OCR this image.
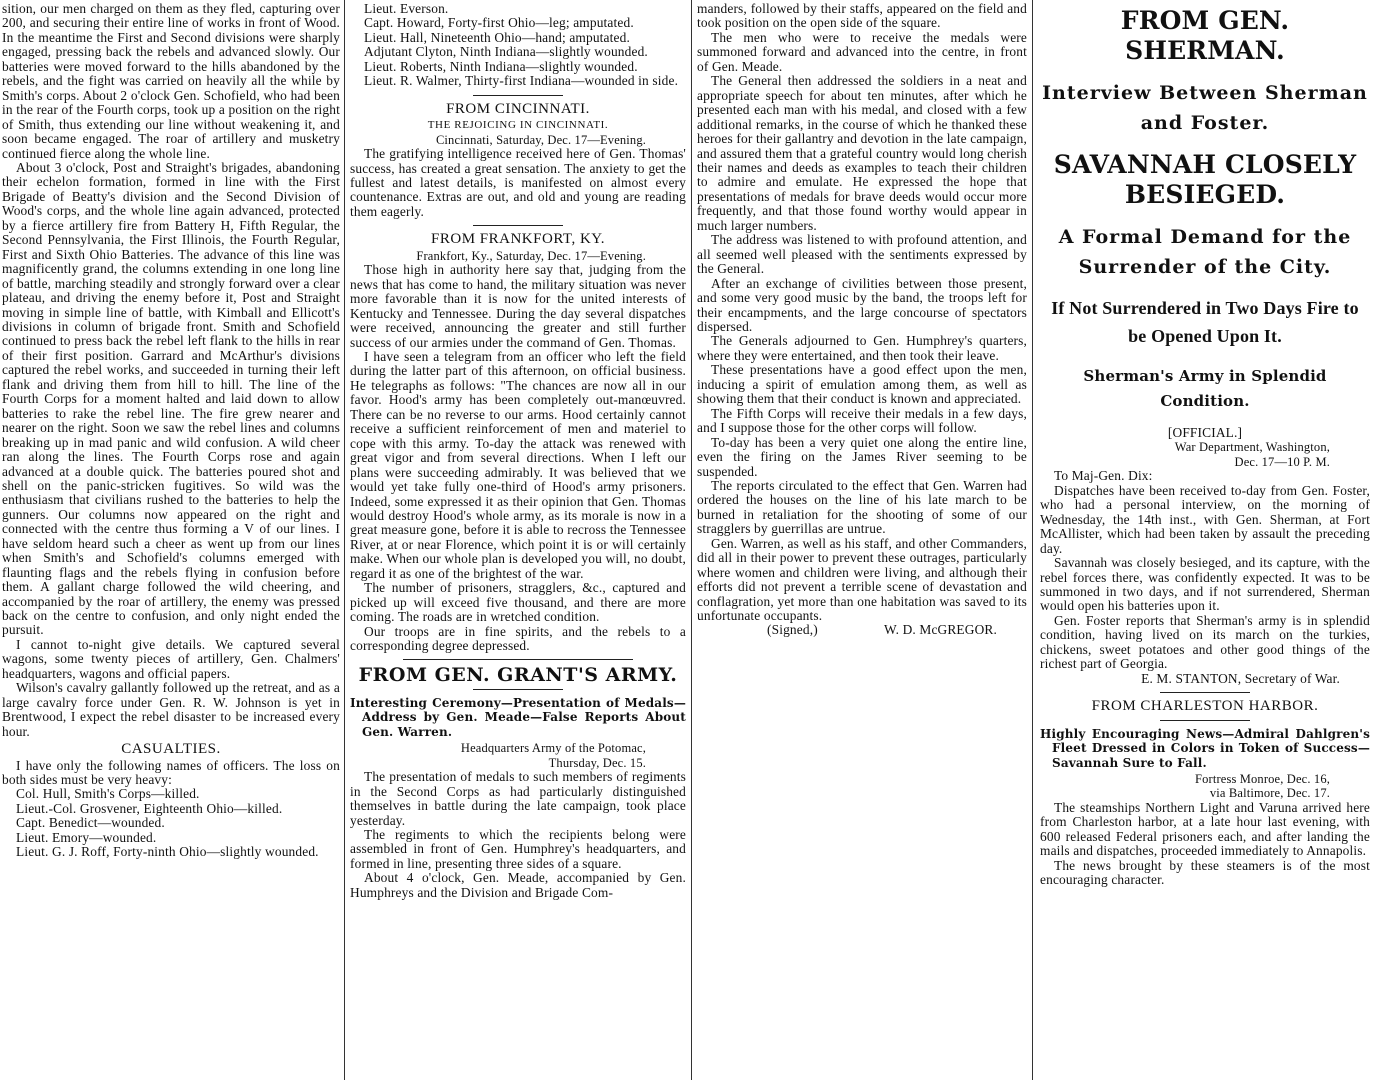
sition, our men charged on them as they fled, capturing over 200, and securing their entire line of works in front of Wood. In the meantime the First and Second divisions were sharply engaged, pressing back the rebels and advanced slowly. Our batteries were moved forward to the hills abandoned by the rebels, and the fight was carried on heavily all the while by Smith's corps. About 2 o'clock Gen. Schofield, who had been in the rear of the Fourth corps, took up a position on the right of Smith, thus extending our line without weakening it, and soon became engaged. The roar of artillery and musketry continued fierce along the whole line.

About 3 o'clock, Post and Straight's brigades, abandoning their echelon formation, formed in line with the First Brigade of Beatty's division and the Second Division of Wood's corps, and the whole line again advanced, protected by a fierce artillery fire from Battery H, Fifth Regular, the Second Pennsylvania, the First Illinois, the Fourth Regular, First and Sixth Ohio Batteries. The advance of this line was magnificently grand, the columns extending in one long line of battle, marching steadily and strongly forward over a clear plateau, and driving the enemy before it, Post and Straight moving in simple line of battle, with Kimball and Ellicott's divisions in column of brigade front. Smith and Schofield continued to press back the rebel left flank to the hills in rear of their first position. Garrard and McArthur's divisions captured the rebel works, and succeeded in turning their left flank and driving them from hill to hill. The line of the Fourth Corps for a moment halted and laid down to allow batteries to rake the rebel line. The fire grew nearer and nearer on the right. Soon we saw the rebel lines and columns breaking up in mad panic and wild confusion. A wild cheer ran along the lines. The Fourth Corps rose and again advanced at a double quick. The batteries poured shot and shell on the panic-stricken fugitives. So wild was the enthusiasm that civilians rushed to the batteries to help the gunners. Our columns now appeared on the right and connected with the centre thus forming a V of our lines. I have seldom heard such a cheer as went up from our lines when Smith's and Schofield's columns emerged with flaunting flags and the rebels flying in confusion before them. A gallant charge followed the wild cheering, and accompanied by the roar of artillery, the enemy was pressed back on the centre to confusion, and only night ended the pursuit.

I cannot to-night give details. We captured several wagons, some twenty pieces of artillery, Gen. Chalmers' headquarters, wagons and official papers.

Wilson's cavalry gallantly followed up the retreat, and as a large cavalry force under Gen. R. W. Johnson is yet in Brentwood, I expect the rebel disaster to be increased every hour.

CASUALTIES.

I have only the following names of officers. The loss on both sides must be very heavy:

Col. Hull, Smith's Corps—killed.

Lieut.-Col. Grosvener, Eighteenth Ohio—killed.

Capt. Benedict—wounded.

Lieut. Emory—wounded.

Lieut. G. J. Roff, Forty-ninth Ohio—slightly wounded.

Lieut. Everson.

Capt. Howard, Forty-first Ohio—leg; amputated.

Lieut. Hall, Nineteenth Ohio—hand; amputated.

Adjutant Clyton, Ninth Indiana—slightly wounded.

Lieut. Roberts, Ninth Indiana—slightly wounded.

Lieut. R. Walmer, Thirty-first Indiana—wounded in side.

FROM CINCINNATI.
THE REJOICING IN CINCINNATI.
Cincinnati, Saturday, Dec. 17—Evening.

The gratifying intelligence received here of Gen. Thomas' success, has created a great sensation. The anxiety to get the fullest and latest details, is manifested on almost every countenance. Extras are out, and old and young are reading them eagerly.

FROM FRANKFORT, KY.
Frankfort, Ky., Saturday, Dec. 17—Evening.

Those high in authority here say that, judging from the news that has come to hand, the military situation was never more favorable than it is now for the united interests of Kentucky and Tennessee. During the day several dispatches were received, announcing the greater and still further success of our armies under the command of Gen. Thomas.

I have seen a telegram from an officer who left the field during the latter part of this afternoon, on official business. He telegraphs as follows: "The chances are now all in our favor. Hood's army has been completely out-manœuvred. There can be no reverse to our arms. Hood certainly cannot receive a sufficient reinforcement of men and materiel to cope with this army. To-day the attack was renewed with great vigor and from several directions. When I left our plans were succeeding admirably. It was believed that we would yet take fully one-third of Hood's army prisoners. Indeed, some expressed it as their opinion that Gen. Thomas would destroy Hood's whole army, as its morale is now in a great measure gone, before it is able to recross the Tennessee River, at or near Florence, which point it is or will certainly make. When our whole plan is developed you will, no doubt, regard it as one of the brightest of the war.

The number of prisoners, stragglers, &c., captured and picked up will exceed five thousand, and there are more coming. The roads are in wretched condition.

Our troops are in fine spirits, and the rebels to a corresponding degree depressed.

FROM GEN. GRANT'S ARMY.
Interesting Ceremony—Presentation of Medals—Address by Gen. Meade—False Reports About Gen. Warren.
Headquarters Army of the Potomac,
Thursday, Dec. 15.

The presentation of medals to such members of regiments in the Second Corps as had particularly distinguished themselves in battle during the late campaign, took place yesterday.

The regiments to which the recipients belong were assembled in front of Gen. Humphrey's headquarters, and formed in line, presenting three sides of a square.

About 4 o'clock, Gen. Meade, accompanied by Gen. Humphreys and the Division and Brigade Com-

manders, followed by their staffs, appeared on the field and took position on the open side of the square.

The men who were to receive the medals were summoned forward and advanced into the centre, in front of Gen. Meade.

The General then addressed the soldiers in a neat and appropriate speech for about ten minutes, after which he presented each man with his medal, and closed with a few additional remarks, in the course of which he thanked these heroes for their gallantry and devotion in the late campaign, and assured them that a grateful country would long cherish their names and deeds as examples to teach their children to admire and emulate. He expressed the hope that presentations of medals for brave deeds would occur more frequently, and that those found worthy would appear in much larger numbers.

The address was listened to with profound attention, and all seemed well pleased with the sentiments expressed by the General.

After an exchange of civilities between those present, and some very good music by the band, the troops left for their encampments, and the large concourse of spectators dispersed.

The Generals adjourned to Gen. Humphrey's quarters, where they were entertained, and then took their leave.

These presentations have a good effect upon the men, inducing a spirit of emulation among them, as well as showing them that their conduct is known and appreciated.

The Fifth Corps will receive their medals in a few days, and I suppose those for the other corps will follow.

To-day has been a very quiet one along the entire line, even the firing on the James River seeming to be suspended.

The reports circulated to the effect that Gen. Warren had ordered the houses on the line of his late march to be burned in retaliation for the shooting of some of our stragglers by guerrillas are untrue.

Gen. Warren, as well as his staff, and other Commanders, did all in their power to prevent these outrages, particularly where women and children were living, and although their efforts did not prevent a terrible scene of devastation and conflagration, yet more than one habitation was saved to its unfortunate occupants.

(Signed,)	W. D. McGREGOR.
FROM GEN. SHERMAN.
Interview Between Sherman and Foster.
SAVANNAH CLOSELY BESIEGED.
A Formal Demand for the Surrender of the City.
If Not Surrendered in Two Days Fire to be Opened Upon It.
Sherman's Army in Splendid Condition.
[OFFICIAL.]
War Department, Washington,
Dec. 17—10 P. M.

To Maj-Gen. Dix:

Dispatches have been received to-day from Gen. Foster, who had a personal interview, on the morning of Wednesday, the 14th inst., with Gen. Sherman, at Fort McAllister, which had been taken by assault the preceding day.

Savannah was closely besieged, and its capture, with the rebel forces there, was confidently expected. It was to be summoned in two days, and if not surrendered, Sherman would open his batteries upon it.

Gen. Foster reports that Sherman's army is in splendid condition, having lived on its march on the turkies, chickens, sweet potatoes and other good things of the richest part of Georgia.

E. M. STANTON, Secretary of War.
FROM CHARLESTON HARBOR.
Highly Encouraging News—Admiral Dahlgren's Fleet Dressed in Colors in Token of Success—Savannah Sure to Fall.
Fortress Monroe, Dec. 16,
via Baltimore, Dec. 17.

The steamships Northern Light and Varuna arrived here from Charleston harbor, at a late hour last evening, with 600 released Federal prisoners each, and after landing the mails and dispatches, proceeded immediately to Annapolis.

The news brought by these steamers is of the most encouraging character.
